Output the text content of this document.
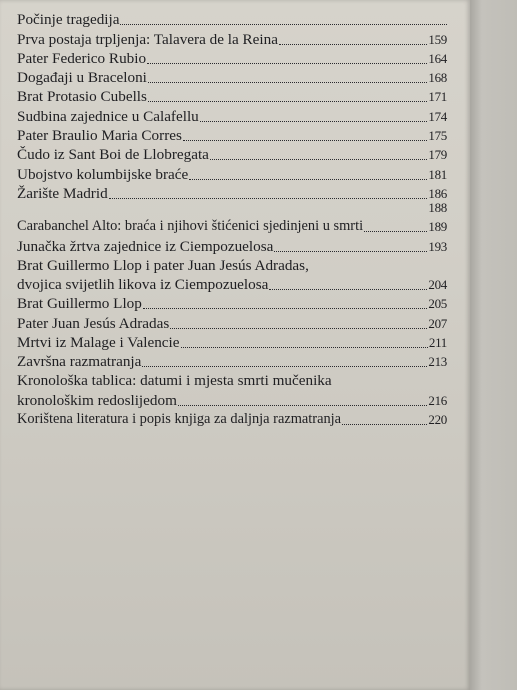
Počinje tragedija
Prva postaja trpljenja: Talavera de la Reina	159
Pater Federico Rubio	164
Događaji u Braceloni	168
Brat Protasio Cubells	171
Sudbina zajednice u Calafellu	174
Pater Braulio Maria Corres	175
Čudo iz Sant Boi de Llobregata	179
Ubojstvo kolumbijske braće	181
Žarište Madrid	186
188
Carabanchel Alto: braća i njihovi štićenici sjedinjeni u smrti	189
Junačka žrtva zajednice iz Ciempozuelosa	193
Brat Guillermo Llop i pater Juan Jesús Adradas,
dvojica svijetlih likova iz Ciempozuelosa	204
Brat Guillermo Llop	205
Pater Juan Jesús Adradas	207
Mrtvi iz Malage i Valencie	211
Završna razmatranja	213
Kronološka tablica: datumi i mjesta smrti mučenika
kronološkim redoslijedom	216
Korištena literatura i popis knjiga za daljnja razmatranja	220
